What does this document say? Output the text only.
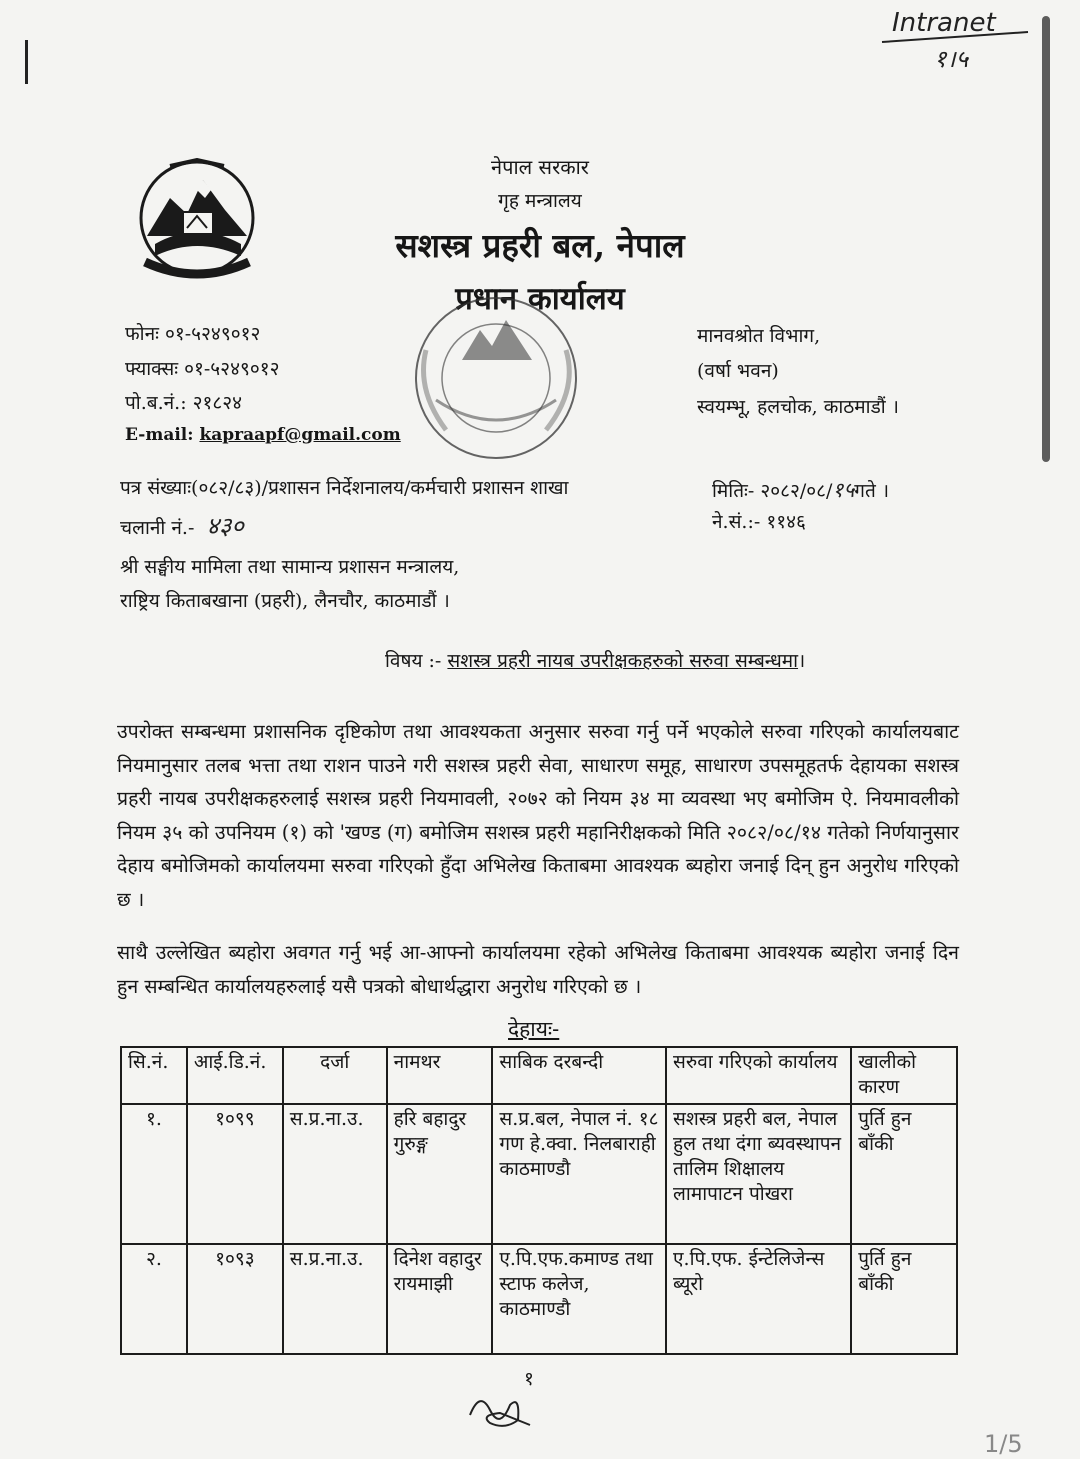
Intranet
१।५
नेपाल सरकार
गृह मन्त्रालय
सशस्त्र प्रहरी बल, नेपाल
प्रधान कार्यालय
फोनः ०१-५२४९०१२
फ्याक्सः ०१-५२४९०१२
पो.ब.नं.: २१८२४
E-mail: kapraapf@gmail.com
मानवश्रोत विभाग,
(वर्षा भवन)
स्वयम्भू, हलचोक, काठमाडौं ।
पत्र संख्याः(०८२/८३)/प्रशासन निर्देशनालय/कर्मचारी प्रशासन शाखा
चलानी नं.- ४३०
मितिः- २०८२/०८/१५गते ।
ने.सं.:- ११४६
श्री सङ्घीय मामिला तथा सामान्य प्रशासन मन्त्रालय,
राष्ट्रिय किताबखाना (प्रहरी), लैनचौर, काठमाडौं ।
विषय :- सशस्त्र प्रहरी नायब उपरीक्षकहरुको सरुवा सम्बन्धमा।
उपरोक्त सम्बन्धमा प्रशासनिक दृष्टिकोण तथा आवश्यकता अनुसार सरुवा गर्नु पर्ने भएकोले सरुवा गरिएको कार्यालयबाट नियमानुसार तलब भत्ता तथा राशन पाउने गरी सशस्त्र प्रहरी सेवा, साधारण समूह, साधारण उपसमूहतर्फ देहायका सशस्त्र प्रहरी नायब उपरीक्षकहरुलाई सशस्त्र प्रहरी नियमावली, २०७२ को नियम ३४ मा व्यवस्था भए बमोजिम ऐ. नियमावलीको नियम ३५ को उपनियम (१) को 'खण्ड (ग) बमोजिम सशस्त्र प्रहरी महानिरीक्षकको मिति २०८२/०८/१४ गतेको निर्णयानुसार देहाय बमोजिमको कार्यालयमा सरुवा गरिएको हुँदा अभिलेख किताबमा आवश्यक ब्यहोरा जनाई दिन् हुन अनुरोध गरिएको छ ।
साथै उल्लेखित ब्यहोरा अवगत गर्नु भई आ-आफ्नो कार्यालयमा रहेको अभिलेख किताबमा आवश्यक ब्यहोरा जनाई दिन हुन सम्बन्धित कार्यालयहरुलाई यसै पत्रको बोधार्थद्धारा अनुरोध गरिएको छ ।
देहायः-
सि.नं.	आई.डि.नं.	दर्जा	नामथर	साबिक दरबन्दी	सरुवा गरिएको कार्यालय	खालीको कारण
१.	१०९९	स.प्र.ना.उ.	हरि बहादुर गुरुङ्ग	स.प्र.बल, नेपाल नं. १८ गण हे.क्वा. निलबाराही काठमाण्डौ	सशस्त्र प्रहरी बल, नेपाल हुल तथा दंगा ब्यवस्थापन तालिम शिक्षालय लामापाटन पोखरा	पुर्ति हुन बाँकी
२.	१०९३	स.प्र.ना.उ.	दिनेश वहादुर रायमाझी	ए.पि.एफ.कमाण्ड तथा स्टाफ कलेज, काठमाण्डौ	ए.पि.एफ. ईन्टेलिजेन्स ब्यूरो	पुर्ति हुन बाँकी
१
1/5
